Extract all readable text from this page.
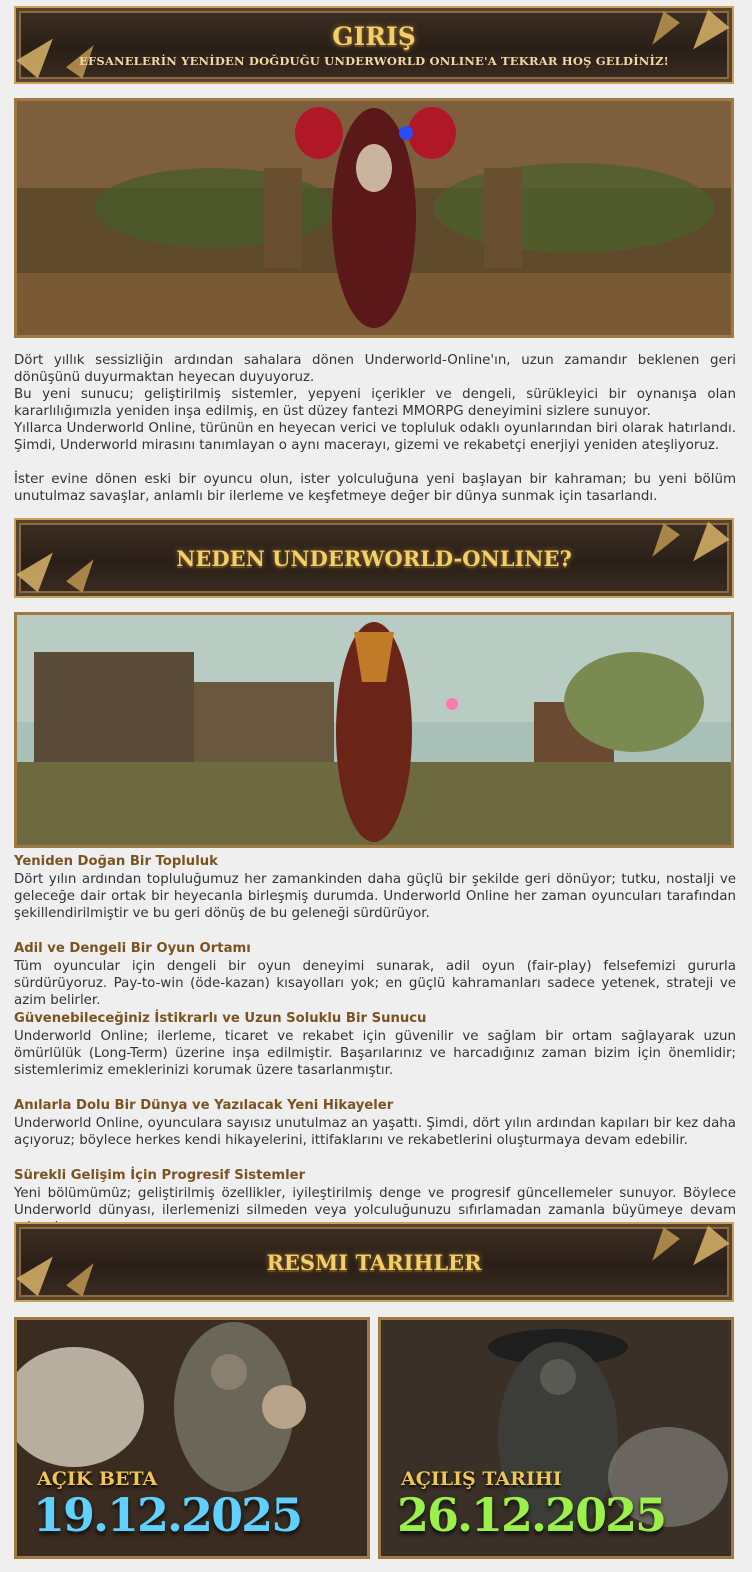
GIRIŞ
EFSANELERİN YENİDEN DOĞDUĞU UNDERWORLD ONLINE'A TEKRAR HOŞ GELDİNİZ!

Dört yıllık sessizliğin ardından sahalara dönen Underworld-Online'ın, uzun zamandır beklenen geri dönüşünü duyurmaktan heyecan duyuyoruz.

Bu yeni sunucu; geliştirilmiş sistemler, yepyeni içerikler ve dengeli, sürükleyici bir oynanışa olan kararlılığımızla yeniden inşa edilmiş, en üst düzey fantezi MMORPG deneyimini sizlere sunuyor.

Yıllarca Underworld Online, türünün en heyecan verici ve topluluk odaklı oyunlarından biri olarak hatırlandı. Şimdi, Underworld mirasını tanımlayan o aynı macerayı, gizemi ve rekabetçi enerjiyi yeniden ateşliyoruz.

İster evine dönen eski bir oyuncu olun, ister yolculuğuna yeni başlayan bir kahraman; bu yeni bölüm unutulmaz savaşlar, anlamlı bir ilerleme ve keşfetmeye değer bir dünya sunmak için tasarlandı.

NEDEN UNDERWORLD-ONLINE?
Yeniden Doğan Bir Topluluk
Dört yılın ardından topluluğumuz her zamankinden daha güçlü bir şekilde geri dönüyor; tutku, nostalji ve geleceğe dair ortak bir heyecanla birleşmiş durumda. Underworld Online her zaman oyuncuları tarafından şekillendirilmiştir ve bu geri dönüş de bu geleneği sürdürüyor.
Adil ve Dengeli Bir Oyun Ortamı
Tüm oyuncular için dengeli bir oyun deneyimi sunarak, adil oyun (fair-play) felsefemizi gururla sürdürüyoruz. Pay-to-win (öde-kazan) kısayolları yok; en güçlü kahramanları sadece yetenek, strateji ve azim belirler.
Güvenebileceğiniz İstikrarlı ve Uzun Soluklu Bir Sunucu
Underworld Online; ilerleme, ticaret ve rekabet için güvenilir ve sağlam bir ortam sağlayarak uzun ömürlülük (Long-Term) üzerine inşa edilmiştir. Başarılarınız ve harcadığınız zaman bizim için önemlidir; sistemlerimiz emeklerinizi korumak üzere tasarlanmıştır.
Anılarla Dolu Bir Dünya ve Yazılacak Yeni Hikayeler
Underworld Online, oyunculara sayısız unutulmaz an yaşattı. Şimdi, dört yılın ardından kapıları bir kez daha açıyoruz; böylece herkes kendi hikayelerini, ittifaklarını ve rekabetlerini oluşturmaya devam edebilir.
Sürekli Gelişim İçin Progresif Sistemler
Yeni bölümümüz; geliştirilmiş özellikler, iyileştirilmiş denge ve progresif güncellemeler sunuyor. Böylece Underworld dünyası, ilerlemenizi silmeden veya yolculuğunuzu sıfırlamadan zamanla büyümeye devam
RESMI TARIHLER
AÇIK BETA
19.12.2025
AÇILIŞ TARIHI
26.12.2025
